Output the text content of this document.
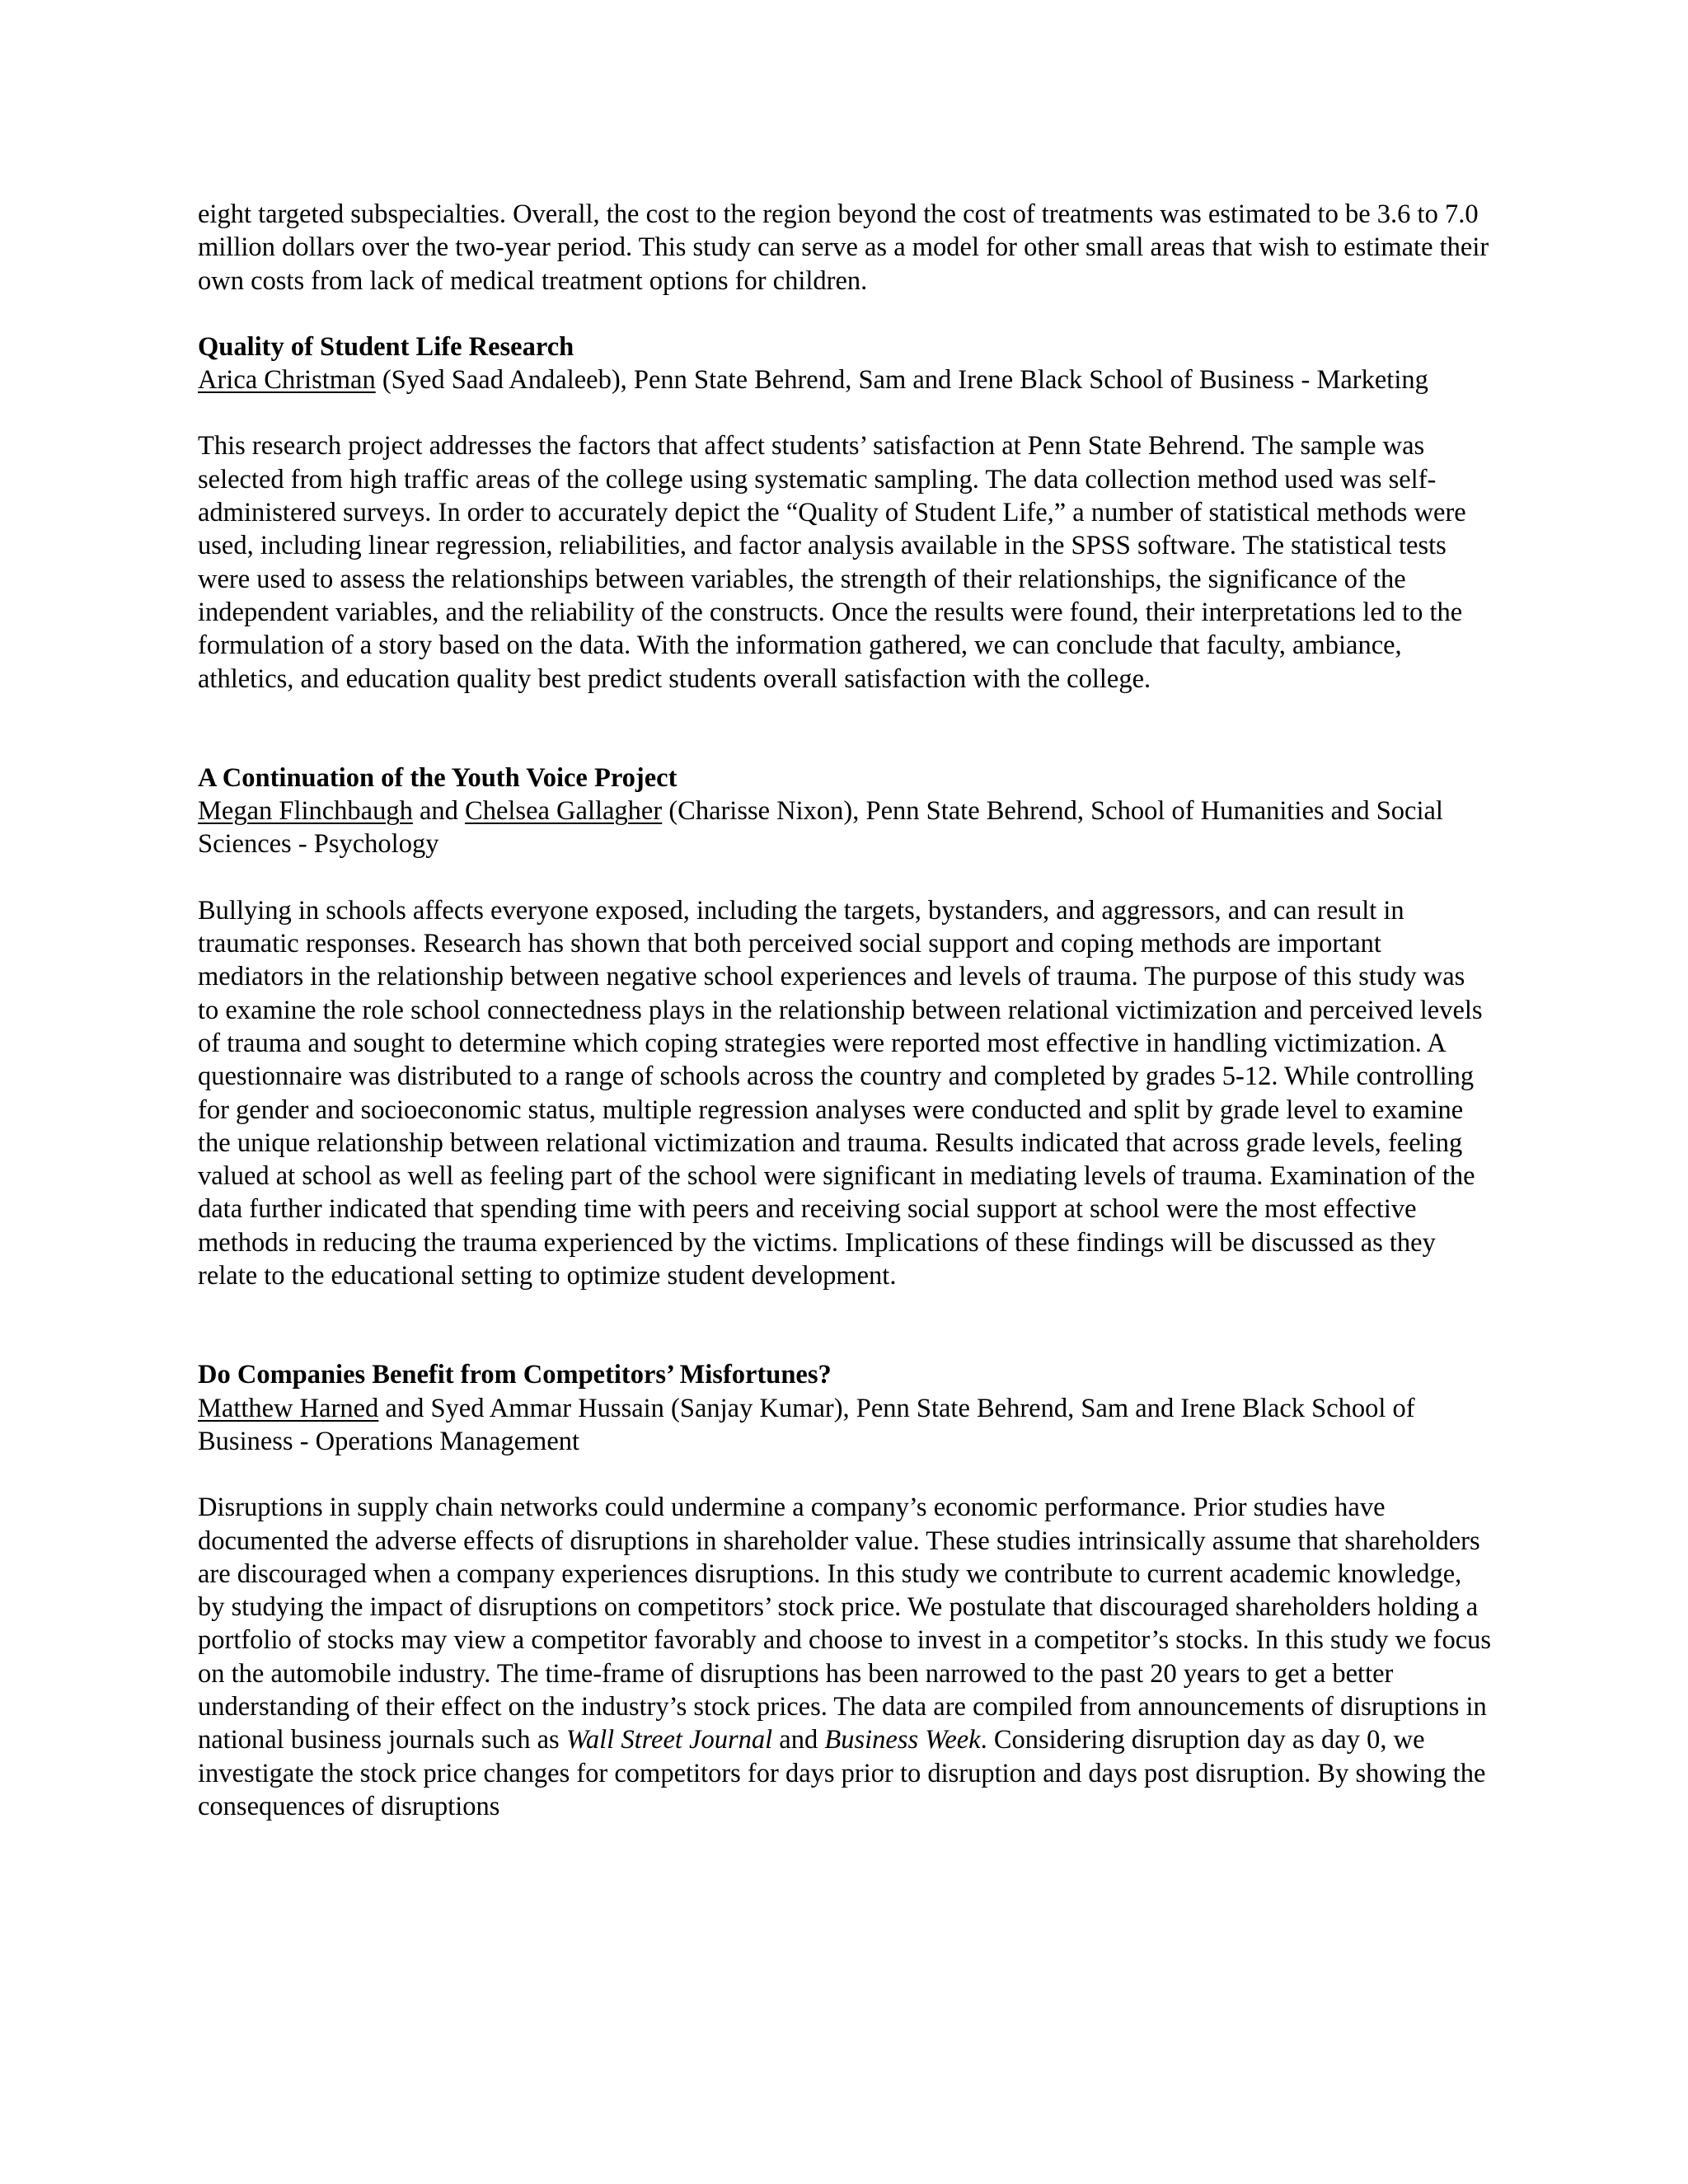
eight targeted subspecialties. Overall, the cost to the region beyond the cost of treatments was estimated to be 3.6 to 7.0 million dollars over the two-year period. This study can serve as a model for other small areas that wish to estimate their own costs from lack of medical treatment options for children.

Quality of Student Life Research

Arica Christman (Syed Saad Andaleeb), Penn State Behrend, Sam and Irene Black School of Business - Marketing

This research project addresses the factors that affect students’ satisfaction at Penn State Behrend. The sample was selected from high traffic areas of the college using systematic sampling. The data collection method used was self-administered surveys. In order to accurately depict the “Quality of Student Life,” a number of statistical methods were used, including linear regression, reliabilities, and factor analysis available in the SPSS software. The statistical tests were used to assess the relationships between variables, the strength of their relationships, the significance of the independent variables, and the reliability of the constructs. Once the results were found, their interpretations led to the formulation of a story based on the data. With the information gathered, we can conclude that faculty, ambiance, athletics, and education quality best predict students overall satisfaction with the college.

A Continuation of the Youth Voice Project

Megan Flinchbaugh and Chelsea Gallagher (Charisse Nixon), Penn State Behrend, School of Humanities and Social Sciences - Psychology

Bullying in schools affects everyone exposed, including the targets, bystanders, and aggressors, and can result in traumatic responses. Research has shown that both perceived social support and coping methods are important mediators in the relationship between negative school experiences and levels of trauma. The purpose of this study was to examine the role school connectedness plays in the relationship between relational victimization and perceived levels of trauma and sought to determine which coping strategies were reported most effective in handling victimization. A questionnaire was distributed to a range of schools across the country and completed by grades 5-12. While controlling for gender and socioeconomic status, multiple regression analyses were conducted and split by grade level to examine the unique relationship between relational victimization and trauma. Results indicated that across grade levels, feeling valued at school as well as feeling part of the school were significant in mediating levels of trauma. Examination of the data further indicated that spending time with peers and receiving social support at school were the most effective methods in reducing the trauma experienced by the victims. Implications of these findings will be discussed as they relate to the educational setting to optimize student development.

Do Companies Benefit from Competitors’ Misfortunes?

Matthew Harned and Syed Ammar Hussain (Sanjay Kumar), Penn State Behrend, Sam and Irene Black School of Business - Operations Management

Disruptions in supply chain networks could undermine a company’s economic performance. Prior studies have documented the adverse effects of disruptions in shareholder value. These studies intrinsically assume that shareholders are discouraged when a company experiences disruptions. In this study we contribute to current academic knowledge, by studying the impact of disruptions on competitors’ stock price. We postulate that discouraged shareholders holding a portfolio of stocks may view a competitor favorably and choose to invest in a competitor’s stocks. In this study we focus on the automobile industry. The time-frame of disruptions has been narrowed to the past 20 years to get a better understanding of their effect on the industry’s stock prices. The data are compiled from announcements of disruptions in national business journals such as Wall Street Journal and Business Week. Considering disruption day as day 0, we investigate the stock price changes for competitors for days prior to disruption and days post disruption. By showing the consequences of disruptions
